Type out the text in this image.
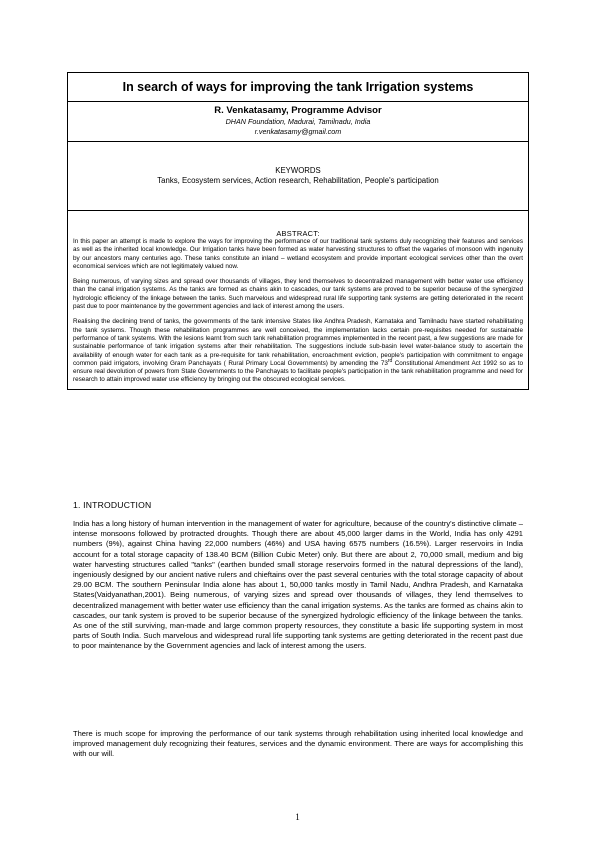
In search of ways for improving the tank Irrigation systems
R. Venkatasamy, Programme Advisor
DHAN Foundation, Madurai, Tamilnadu, India
r.venkatasamy@gmail.com
KEYWORDS
Tanks, Ecosystem services, Action research, Rehabilitation, People's participation
ABSTRACT:

In this paper an attempt is made to explore the ways for improving the performance of our traditional tank systems duly recognizing their features and services as well as the inherited local knowledge. Our Irrigation tanks have been formed as water harvesting structures to offset the vagaries of monsoon with ingenuity by our ancestors many centuries ago. These tanks constitute an inland – wetland ecosystem and provide important ecological services other than the overt economical services which are not legitimately valued now.

Being numerous, of varying sizes and spread over thousands of villages, they lend themselves to decentralized management with better water use efficiency than the canal irrigation systems. As the tanks are formed as chains akin to cascades, our tank systems are proved to be superior because of the synergized hydrologic efficiency of the linkage between the tanks. Such marvelous and widespread rural life supporting tank systems are getting deteriorated in the recent past due to poor maintenance by the government agencies and lack of interest among the users.

Realising the declining trend of tanks, the governments of the tank intensive States like Andhra Pradesh, Karnataka and Tamilnadu have started rehabilitating the tank systems. Though these rehabilitation programmes are well conceived, the implementation lacks certain pre-requisites needed for sustainable performance of tank systems. With the lesions learnt from such tank rehabilitation programmes implemented in the recent past, a few suggestions are made for sustainable performance of tank irrigation systems after their rehabilitation. The suggestions include sub-basin level water-balance study to ascertain the availability of enough water for each tank as a pre-requisite for tank rehabilitation, encroachment eviction, people's participation with commitment to engage common paid irrigators, involving Gram Panchayats ( Rural Primary Local Governments) by amending the 73rd Constitutional Amendment Act 1992 so as to ensure real devolution of powers from State Governments to the Panchayats to facilitate people's participation in the tank rehabilitation programme and need for research to attain improved water use efficiency by bringing out the obscured ecological services.

1. INTRODUCTION

India has a long history of human intervention in the management of water for agriculture, because of the country's distinctive climate – intense monsoons followed by protracted droughts. Though there are about 45,000 larger dams in the World, India has only 4291 numbers (9%), against China having 22,000 numbers (46%) and USA having 6575 numbers (16.5%). Larger reservoirs in India account for a total storage capacity of 138.40 BCM (Billion Cubic Meter) only. But there are about 2, 70,000 small, medium and big water harvesting structures called "tanks" (earthen bunded small storage reservoirs formed in the natural depressions of the land), ingeniously designed by our ancient native rulers and chieftains over the past several centuries with the total storage capacity of about 29.00 BCM. The southern Peninsular India alone has about 1, 50,000 tanks mostly in Tamil Nadu, Andhra Pradesh, and Karnataka States(Vaidyanathan,2001). Being numerous, of varying sizes and spread over thousands of villages, they lend themselves to decentralized management with better water use efficiency than the canal irrigation systems. As the tanks are formed as chains akin to cascades, our tank system is proved to be superior because of the synergized hydrologic efficiency of the linkage between the tanks. As one of the still surviving, man-made and large common property resources, they constitute a basic life supporting system in most parts of South India. Such marvelous and widespread rural life supporting tank systems are getting deteriorated in the recent past due to poor maintenance by the Government agencies and lack of interest among the users.

There is much scope for improving the performance of our tank systems through rehabilitation using inherited local knowledge and improved management duly recognizing their features, services and the dynamic environment. There are ways for accomplishing this with our will.

1
